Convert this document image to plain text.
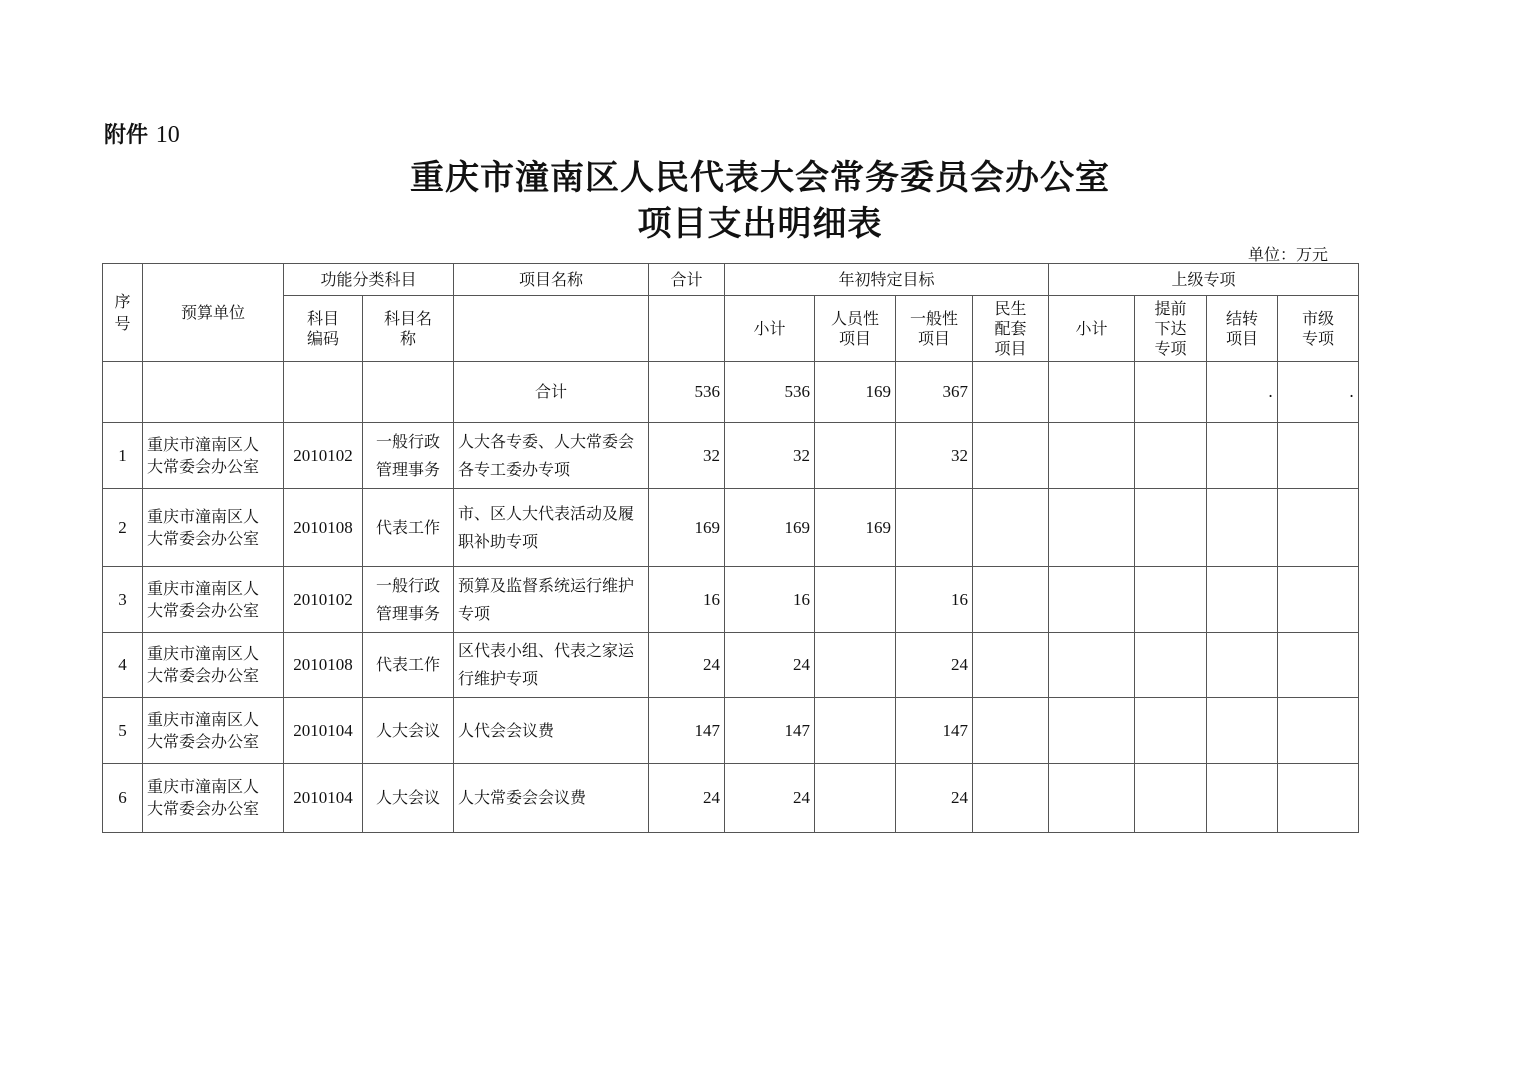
附件 10
重庆市潼南区人民代表大会常务委员会办公室
项目支出明细表
单位：万元
序号	预算单位	功能分类科目		项目名称	合计	年初特定目标				上级专项			

		科目编码	科目名称			小计	人员性项目	一般性项目	民生配套项目	小计	提前下达专项	结转项目	市级专项

				合计	536	536	169	367				.	.
1	重庆市潼南区人大常委会办公室	2010102	一般行政管理事务	人大各专委、人大常委会各专工委办专项	32	32		32					
2	重庆市潼南区人大常委会办公室	2010108	代表工作	市、区人大代表活动及履职补助专项	169	169	169						
3	重庆市潼南区人大常委会办公室	2010102	一般行政管理事务	预算及监督系统运行维护专项	16	16		16					
4	重庆市潼南区人大常委会办公室	2010108	代表工作	区代表小组、代表之家运行维护专项	24	24		24					
5	重庆市潼南区人大常委会办公室	2010104	人大会议	人代会会议费	147	147		147					
6	重庆市潼南区人大常委会办公室	2010104	人大会议	人大常委会会议费	24	24		24					
